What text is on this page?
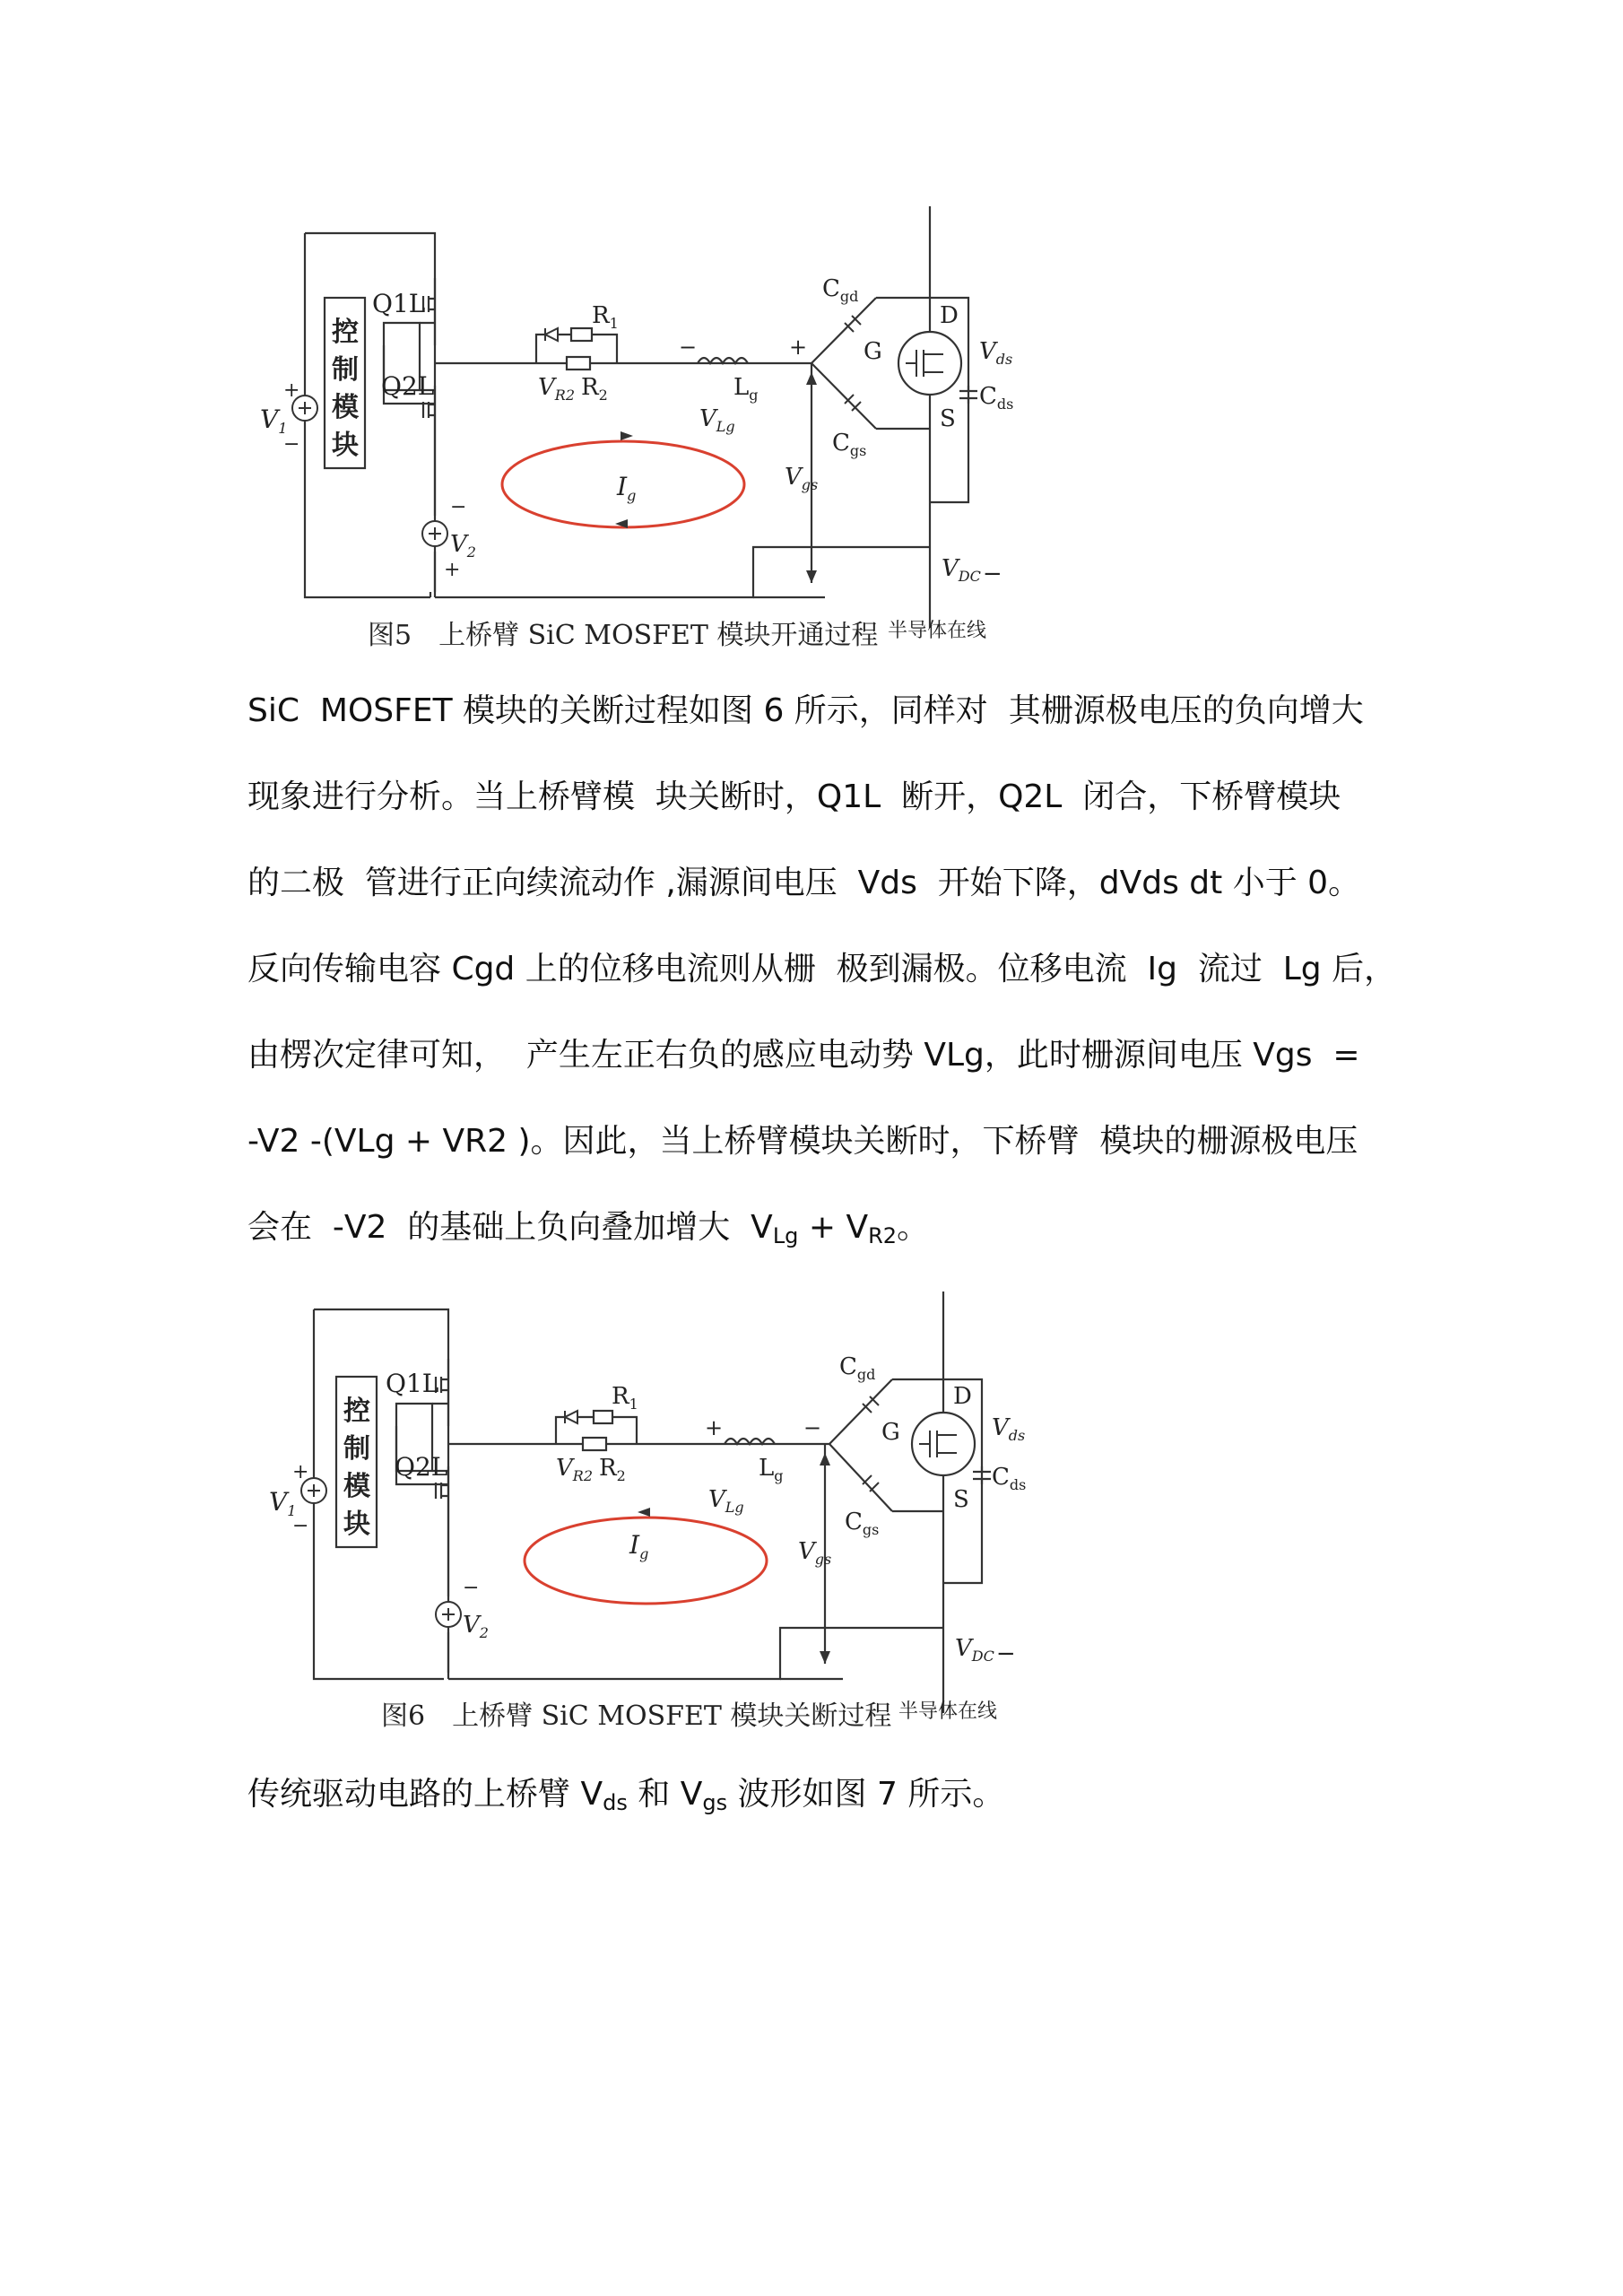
控
制
模
块
Q1L
Q2L
+
$V_1$
−
$R_1$
$V_{R2}$ $R_2$
−	+
$L_g$
$V_{Lg}$
$I_g$
$V_{gs}$
$C_{gd}$
$C_{gs}$
G
D
S
$V_{ds}$
$C_{ds}$
−
$V_2$
+	$V_{DC}-$
图5　上桥臂 SiC MOSFET 模块开通过程 半导体在线
SiC  MOSFET 模块的关断过程如图 6 所示，同样对  其栅源极电压的负向增大
现象进行分析。当上桥臂模  块关断时，Q1L  断开，Q2L  闭合，下桥臂模块
的二极  管进行正向续流动作 ,漏源间电压  Vds  开始下降，dVds dt 小于 0。
反向传输电容 Cgd 上的位移电流则从栅  极到漏极。位移电流  Ig  流过  Lg 后，
由楞次定律可知，  产生左正右负的感应电动势 VLg，此时栅源间电压 Vgs  =
-V2 -(VLg + VR2 )。因此，当上桥臂模块关断时，下桥臂  模块的栅源极电压
会在  -V2  的基础上负向叠加增大  $V_{Lg} + V_{R2}$。
控
制
模
块
Q1L
Q2L
+
$V_1$
−
$R_1$
$V_{R2}$ $R_2$
+	−
$L_g$
$V_{Lg}$
$I_g$	$V_{gs}$
$C_{gd}$
$C_{gs}$
G
D
S
$V_{ds}$
$C_{ds}$
−
$V_2$
$V_{DC}-$
图6　上桥臂 SiC MOSFET 模块关断过程 半导体在线
传统驱动电路的上桥臂 $V_{ds}$ 和 $V_{gs}$ 波形如图 7 所示。
